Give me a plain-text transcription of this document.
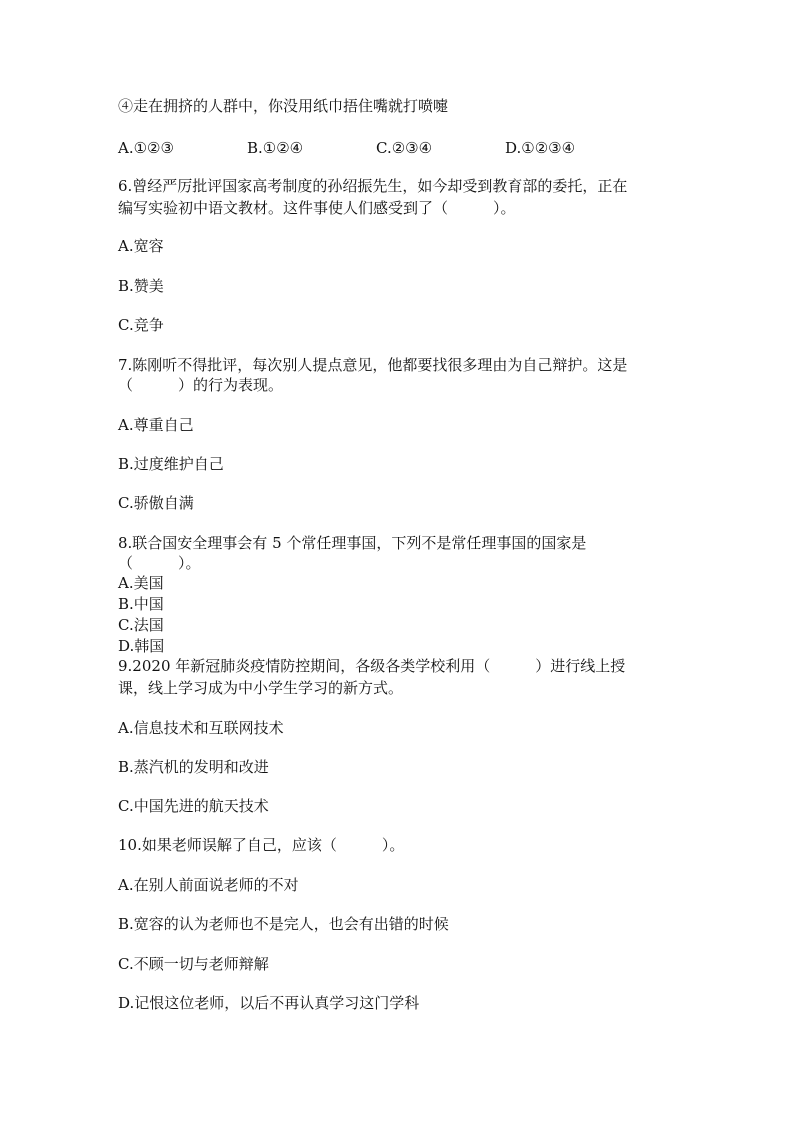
④走在拥挤的人群中，你没用纸巾捂住嘴就打喷嚏
A.①②③	B.①②④	C.②③④	D.①②③④
6.曾经严厉批评国家高考制度的孙绍振先生，如今却受到教育部的委托，正在
编写实验初中语文教材。这件事使人们感受到了（　　　）。
A.宽容
B.赞美
C.竞争
7.陈刚听不得批评，每次别人提点意见，他都要找很多理由为自己辩护。这是
（　　　）的行为表现。
A.尊重自己
B.过度维护自己
C.骄傲自满
8.联合国安全理事会有 5 个常任理事国，下列不是常任理事国的国家是
（　　　）。
A.美国
B.中国
C.法国
D.韩国
9.2020 年新冠肺炎疫情防控期间，各级各类学校利用（　　　）进行线上授
课，线上学习成为中小学生学习的新方式。
A.信息技术和互联网技术
B.蒸汽机的发明和改进
C.中国先进的航天技术
10.如果老师误解了自己，应该（　　　）。
A.在别人前面说老师的不对
B.宽容的认为老师也不是完人，也会有出错的时候
C.不顾一切与老师辩解
D.记恨这位老师，以后不再认真学习这门学科
